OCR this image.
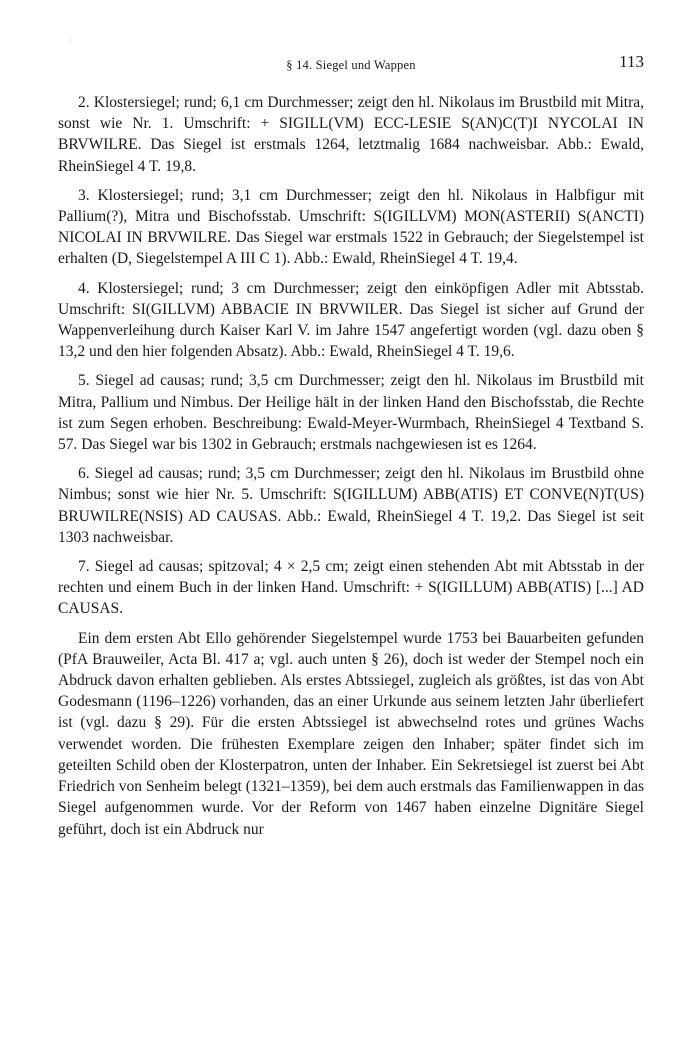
·
§ 14. Siegel und Wappen	113

2. Klostersiegel; rund; 6,1 cm Durchmesser; zeigt den hl. Nikolaus im Brustbild mit Mitra, sonst wie Nr. 1. Umschrift: + SIGILL(VM) ECC-LESIE S(AN)C(T)I NYCOLAI IN BRVWILRE. Das Siegel ist erstmals 1264, letztmalig 1684 nachweisbar. Abb.: Ewald, RheinSiegel 4 T. 19,8.

3. Klostersiegel; rund; 3,1 cm Durchmesser; zeigt den hl. Nikolaus in Halbfigur mit Pallium(?), Mitra und Bischofsstab. Umschrift: S(IGILLVM) MON(ASTERII) S(ANCTI) NICOLAI IN BRVWILRE. Das Siegel war erstmals 1522 in Gebrauch; der Siegelstempel ist erhalten (D, Siegelstempel A III C 1). Abb.: Ewald, RheinSiegel 4 T. 19,4.

4. Klostersiegel; rund; 3 cm Durchmesser; zeigt den einköpfigen Adler mit Abtsstab. Umschrift: SI(GILLVM) ABBACIE IN BRVWILER. Das Siegel ist sicher auf Grund der Wappenverleihung durch Kaiser Karl V. im Jahre 1547 angefertigt worden (vgl. dazu oben § 13,2 und den hier folgenden Absatz). Abb.: Ewald, RheinSiegel 4 T. 19,6.

5. Siegel ad causas; rund; 3,5 cm Durchmesser; zeigt den hl. Nikolaus im Brustbild mit Mitra, Pallium und Nimbus. Der Heilige hält in der linken Hand den Bischofsstab, die Rechte ist zum Segen erhoben. Beschreibung: Ewald-Meyer-Wurmbach, RheinSiegel 4 Textband S. 57. Das Siegel war bis 1302 in Gebrauch; erstmals nachgewiesen ist es 1264.

6. Siegel ad causas; rund; 3,5 cm Durchmesser; zeigt den hl. Nikolaus im Brustbild ohne Nimbus; sonst wie hier Nr. 5. Umschrift: S(IGILLUM) ABB(ATIS) ET CONVE(N)T(US) BRUWILRE(NSIS) AD CAUSAS. Abb.: Ewald, RheinSiegel 4 T. 19,2. Das Siegel ist seit 1303 nachweisbar.

7. Siegel ad causas; spitzoval; 4 × 2,5 cm; zeigt einen stehenden Abt mit Abtsstab in der rechten und einem Buch in der linken Hand. Umschrift: + S(IGILLUM) ABB(ATIS) [...] AD CAUSAS.

Ein dem ersten Abt Ello gehörender Siegelstempel wurde 1753 bei Bauarbeiten gefunden (PfA Brauweiler, Acta Bl. 417 a; vgl. auch unten § 26), doch ist weder der Stempel noch ein Abdruck davon erhalten geblieben. Als erstes Abtssiegel, zugleich als größtes, ist das von Abt Godesmann (1196–1226) vorhanden, das an einer Urkunde aus seinem letzten Jahr überliefert ist (vgl. dazu § 29). Für die ersten Abtssiegel ist abwechselnd rotes und grünes Wachs verwendet worden. Die frühesten Exemplare zeigen den Inhaber; später findet sich im geteilten Schild oben der Klosterpatron, unten der Inhaber. Ein Sekretsiegel ist zuerst bei Abt Friedrich von Senheim belegt (1321–1359), bei dem auch erstmals das Familienwappen in das Siegel aufgenommen wurde. Vor der Reform von 1467 haben einzelne Dignitäre Siegel geführt, doch ist ein Abdruck nur
